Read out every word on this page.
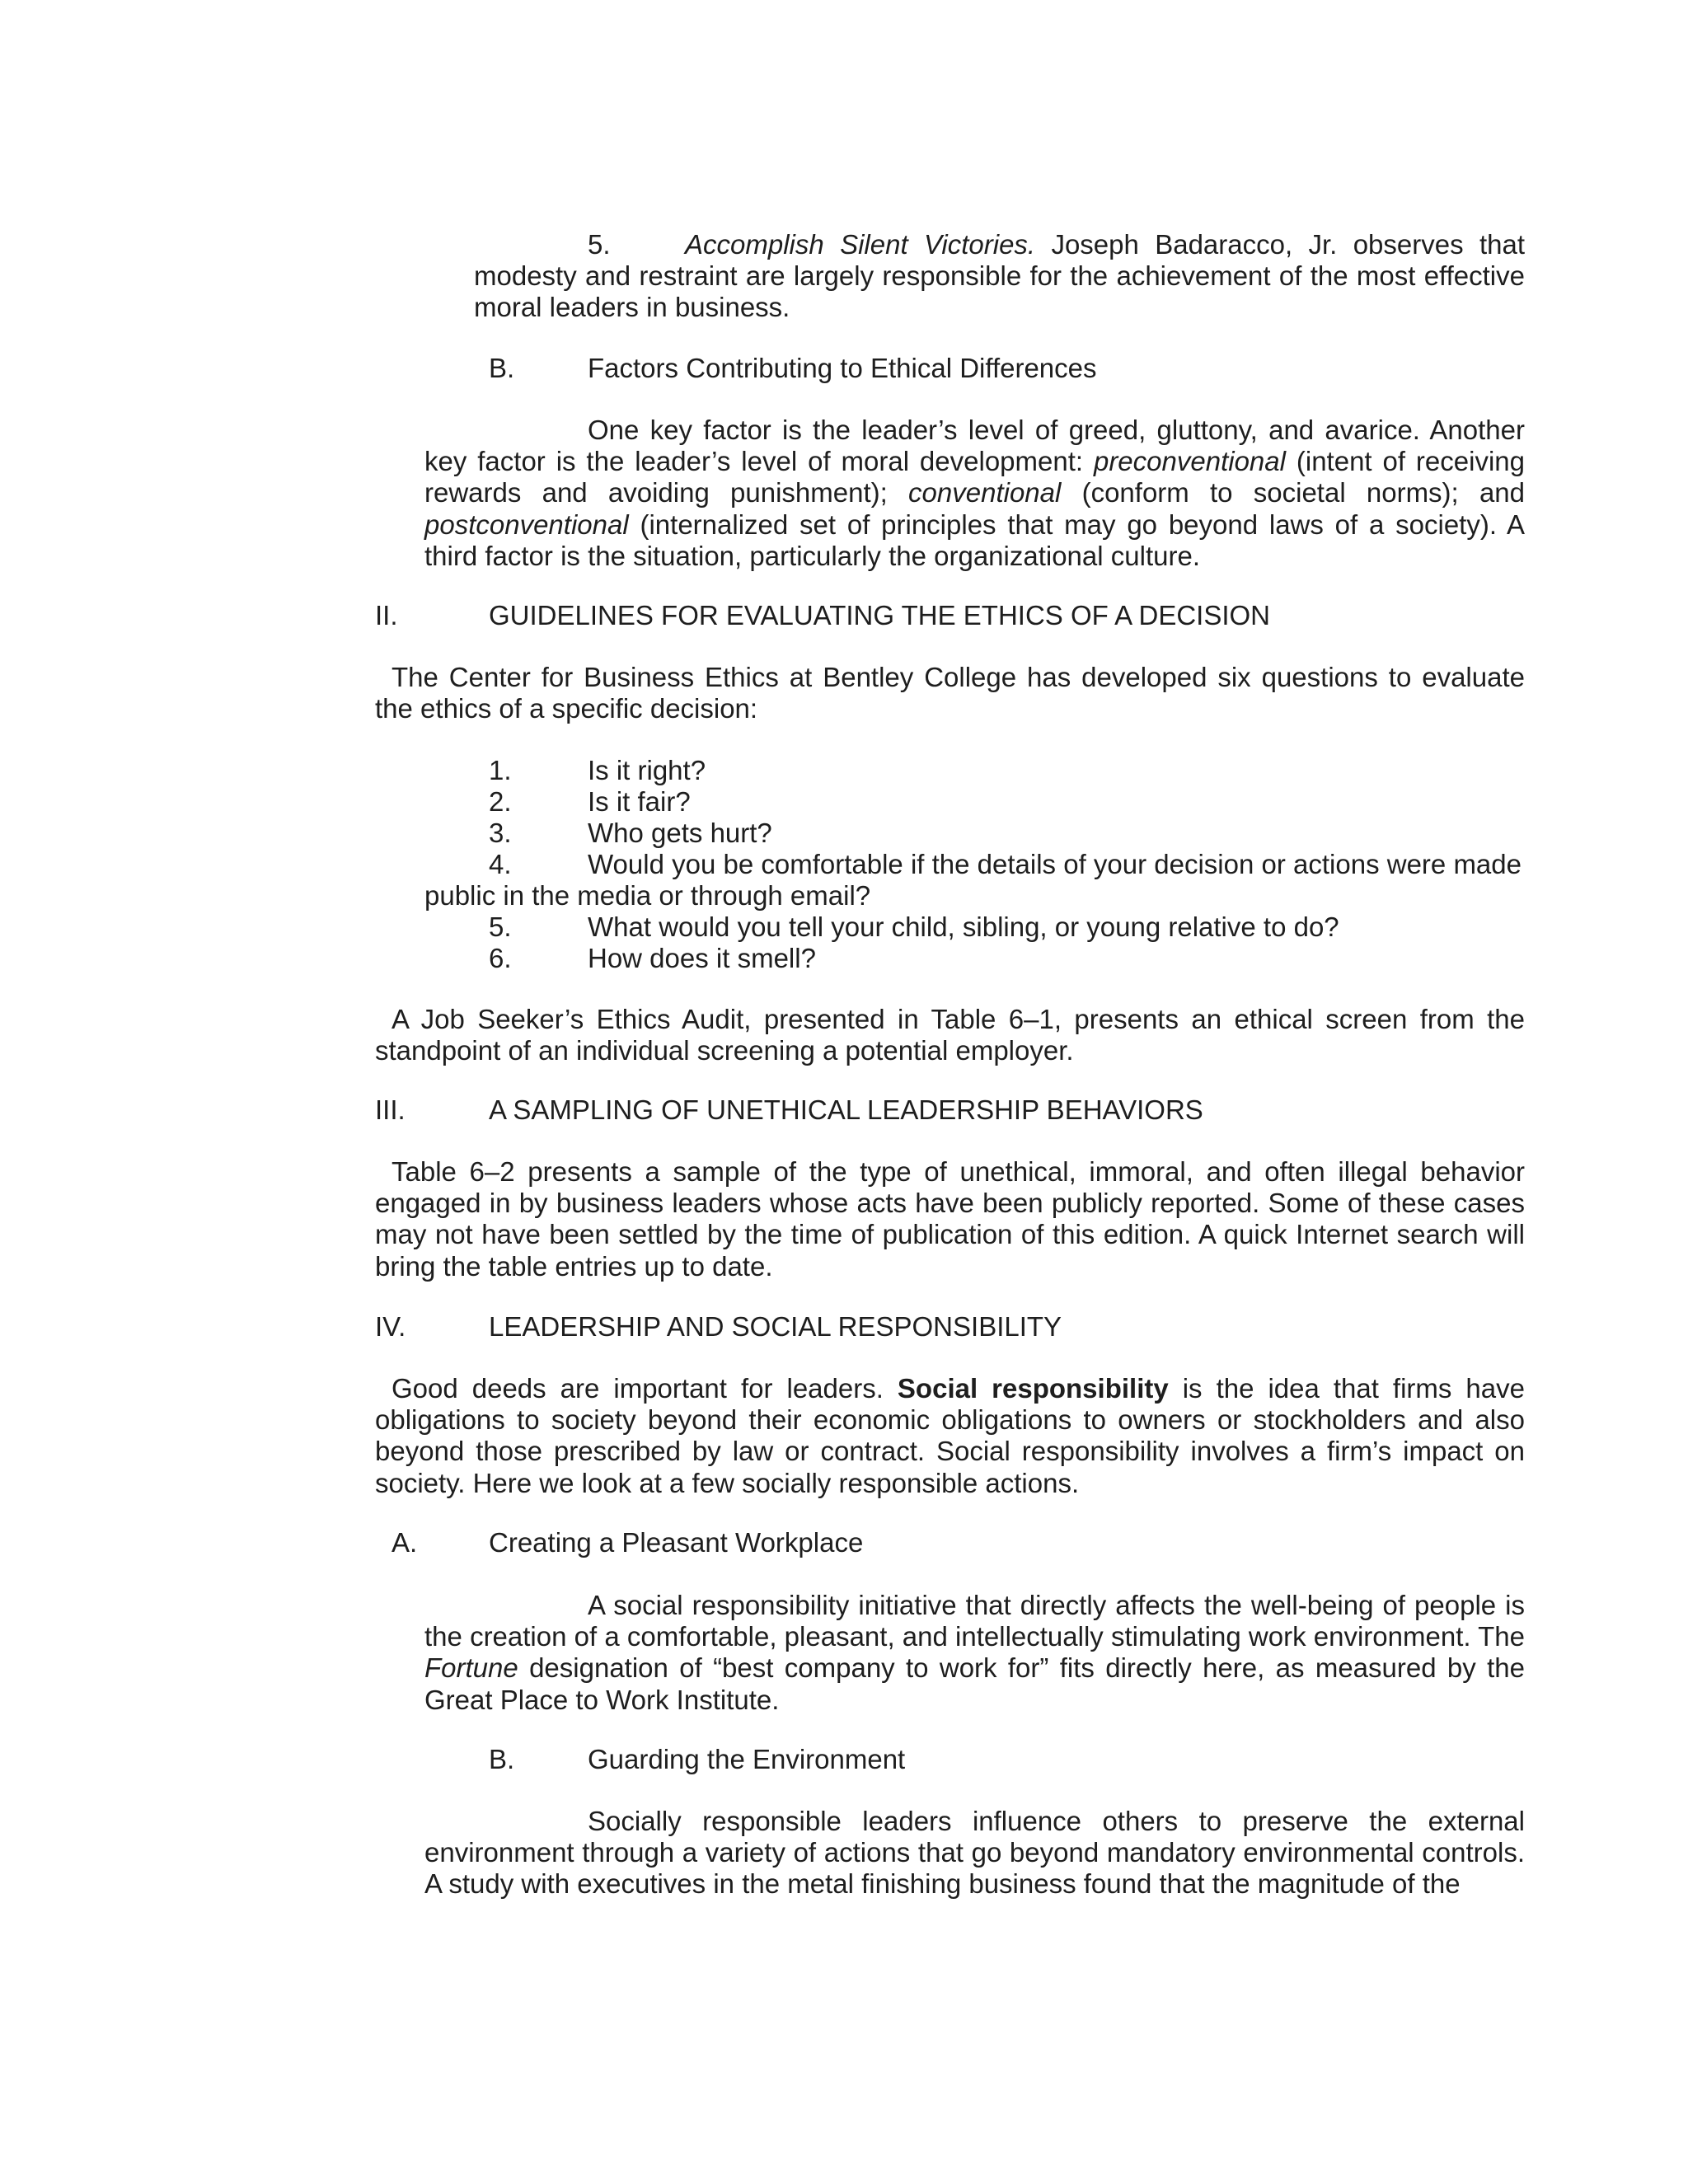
5.	Accomplish Silent Victories. Joseph Badaracco, Jr. observes that modesty and restraint are largely responsible for the achievement of the most effective moral leaders in business.

B.	Factors Contributing to Ethical Differences

One key factor is the leader’s level of greed, gluttony, and avarice. Another key factor is the leader’s level of moral development: preconventional (intent of receiving rewards and avoiding punishment); conventional (conform to societal norms); and postconventional (internalized set of principles that may go beyond laws of a society). A third factor is the situation, particularly the organizational culture.

II.	GUIDELINES FOR EVALUATING THE ETHICS OF A DECISION

The Center for Business Ethics at Bentley College has developed six questions to evaluate the ethics of a specific decision:

1.	Is it right?
2.	Is it fair?
3.	Who gets hurt?
4.	Would you be comfortable if the details of your decision or actions were made
public in the media or through email?
5.	What would you tell your child, sibling, or young relative to do?
6.	How does it smell?

A Job Seeker’s Ethics Audit, presented in Table 6–1, presents an ethical screen from the standpoint of an individual screening a potential employer.

III.	A SAMPLING OF UNETHICAL LEADERSHIP BEHAVIORS

Table 6–2 presents a sample of the type of unethical, immoral, and often illegal behavior engaged in by business leaders whose acts have been publicly reported. Some of these cases may not have been settled by the time of publication of this edition. A quick Internet search will bring the table entries up to date.

IV.	LEADERSHIP AND SOCIAL RESPONSIBILITY

Good deeds are important for leaders. Social responsibility is the idea that firms have obligations to society beyond their economic obligations to owners or stockholders and also beyond those prescribed by law or contract. Social responsibility involves a firm’s impact on society. Here we look at a few socially responsible actions.

A.	Creating a Pleasant Workplace

A social responsibility initiative that directly affects the well-being of people is the creation of a comfortable, pleasant, and intellectually stimulating work environment. The Fortune designation of “best company to work for” fits directly here, as measured by the Great Place to Work Institute.

B.	Guarding the Environment

Socially responsible leaders influence others to preserve the external environment through a variety of actions that go beyond mandatory environmental controls. A study with executives in the metal finishing business found that the magnitude of the
